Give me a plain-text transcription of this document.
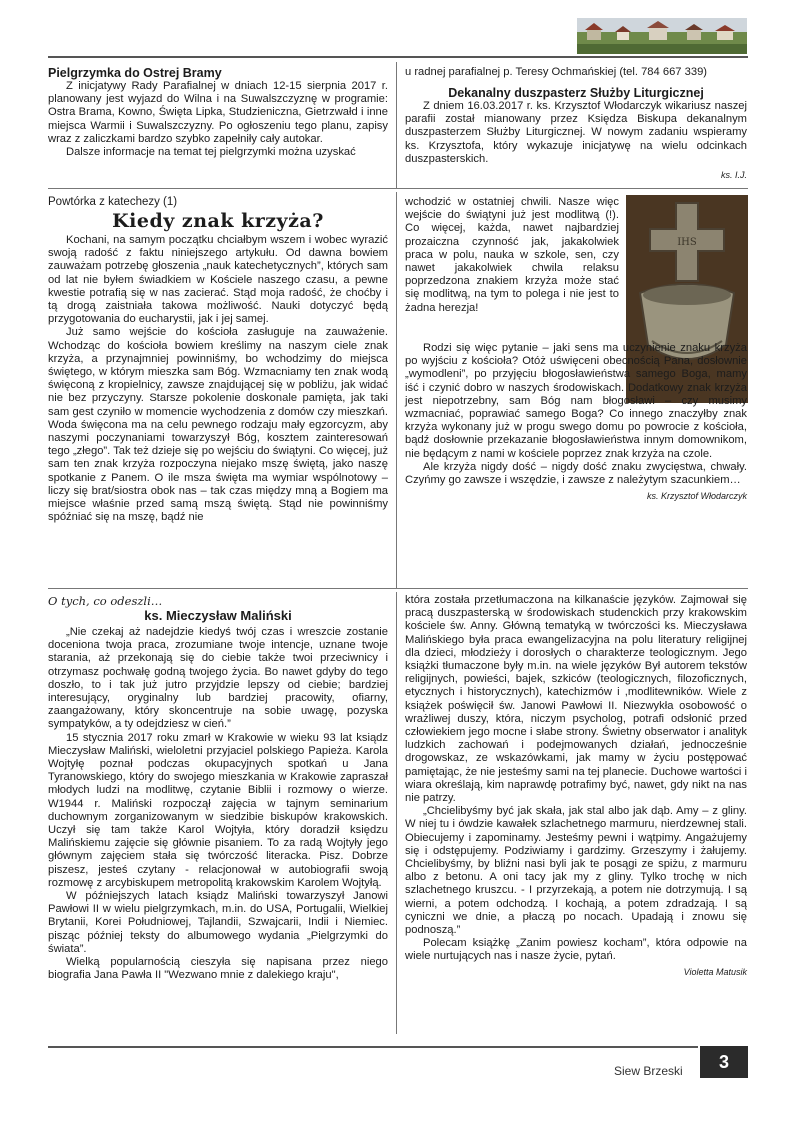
Pielgrzymka do Ostrej Bramy

Z inicjatywy Rady Parafialnej w dniach 12-15 sierpnia 2017 r. planowany jest wyjazd do Wilna i na Suwalszczyznę w programie: Ostra Brama, Kowno, Święta Lipka, Studzieniczna, Gietrzwałd i inne miejsca Warmii i Suwalszczyzny. Po ogłoszeniu tego planu, zapisy wraz z zaliczkami bardzo szybko zapełniły cały autokar.

Dalsze informacje na temat tej pielgrzymki można uzyskać

u radnej parafialnej p. Teresy Ochmańskiej (tel. 784 667 339)

Dekanalny duszpasterz Służby Liturgicznej

Z dniem 16.03.2017 r. ks. Krzysztof Włodarczyk wikariusz naszej parafii został mianowany przez Księdza Biskupa dekanalnym duszpasterzem Służby Liturgicznej. W nowym zadaniu wspieramy ks. Krzysztofa, który wykazuje inicjatywę na wielu odcinkach duszpasterskich.

ks. I.J.
Powtórka z katechezy (1)
Kiedy znak krzyża?

Kochani, na samym początku chciałbym wszem i wobec wyrazić swoją radość z faktu niniejszego artykułu. Od dawna bowiem zauważam potrzebę głoszenia „nauk katechetycznych”, których sam od lat nie byłem świadkiem w Kościele naszego czasu, a pewne kwestie potrafią się w nas zacierać. Stąd moja radość, że choćby i tą drogą zaistniała takowa możliwość. Nauki dotyczyć będą przygotowania do eucharystii, jak i jej samej.

Już samo wejście do kościoła zasługuje na zauważenie. Wchodząc do kościoła bowiem kreślimy na naszym ciele znak krzyża, a przynajmniej powinniśmy, bo wchodzimy do miejsca świętego, w którym mieszka sam Bóg. Wzmacniamy ten znak wodą święconą z kropielnicy, zawsze znajdującej się w pobliżu, jak widać nie bez przyczyny. Starsze pokolenie doskonale pamięta, jak taki sam gest czyniło w momencie wychodzenia z domów czy mieszkań. Woda święcona ma na celu pewnego rodzaju mały egzorcyzm, aby naszymi poczynaniami towarzyszył Bóg, kosztem zainteresowań tego „złego”. Tak też dzieje się po wejściu do świątyni. Co więcej, już sam ten znak krzyża rozpoczyna niejako mszę świętą, jako naszę spotkanie z Panem. O ile msza święta ma wymiar wspólnotowy – liczy się brat/siostra obok nas – tak czas między mną a Bogiem ma miejsce właśnie przed samą mszą świętą. Stąd nie powinniśmy spóźniać się na mszę, bądź nie

IHS

wchodzić w ostatniej chwili. Nasze więc wejście do świątyni już jest modlitwą (!). Co więcej, każda, nawet najbardziej prozaiczna czynność jak, jakakolwiek praca w polu, nauka w szkole, sen, czy nawet jakakolwiek chwila relaksu poprzedzona znakiem krzyża może stać się modlitwą, na tym to polega i nie jest to żadna herezja!

Rodzi się więc pytanie – jaki sens ma uczynienie znaku krzyża po wyjściu z kościoła? Otóż uświęceni obecnością Pana, dosłownie „wymodleni”, po przyjęciu błogosławieństwa samego Boga, mamy iść i czynić dobro w naszych środowiskach. Dodatkowy znak krzyża jest niepotrzebny, sam Bóg nam błogosławi – czy musimy wzmacniać, poprawiać samego Boga? Co innego znaczyłby znak krzyża wykonany już w progu swego domu po powrocie z kościoła, bądź dosłownie przekazanie błogosławieństwa innym domownikom, nie będącym z nami w kościele poprzez znak krzyża na czole.

Ale krzyża nigdy dość – nigdy dość znaku zwycięstwa, chwały. Czyńmy go zawsze i wszędzie, i zawsze z należytym szacunkiem…

ks. Krzysztof Włodarczyk
O tych, co odeszli…
ks. Mieczysław Maliński

„Nie czekaj aż nadejdzie kiedyś twój czas i wreszcie zostanie doceniona twoja praca, zrozumiane twoje intencje, uznane twoje starania, aż przekonają się do ciebie także twoi przeciwnicy i otrzymasz pochwałę godną twojego życia. Bo nawet gdyby do tego doszło, to i tak już jutro przyjdzie lepszy od ciebie; bardziej interesujący, oryginalny lub bardziej pracowity, ofiarny, zaangażowany, który skoncentruje na sobie uwagę, pozyska sympatyków, a ty odejdziesz w cień.”

15 stycznia 2017 roku zmarł w Krakowie w wieku 93 lat ksiądz Mieczysław Maliński, wieloletni przyjaciel polskiego Papieża. Karola Wojtyłę poznał podczas okupacyjnych spotkań u Jana Tyranowskiego, który do swojego mieszkania w Krakowie zapraszał młodych ludzi na modlitwę, czytanie Biblii i rozmowy o wierze. W1944 r. Maliński rozpoczął zajęcia w tajnym seminarium duchownym zorganizowanym w siedzibie biskupów krakowskich. Uczył się tam także Karol Wojtyła, który doradził księdzu Malińskiemu zajęcie się głównie pisaniem. To za radą Wojtyły jego głównym zajęciem stała się twórczość literacka. Pisz. Dobrze piszesz, jesteś czytany - relacjonował w autobiografii swoją rozmowę z arcybiskupem metropolitą krakowskim Karolem Wojtyłą.

W późniejszych latach ksiądz Maliński towarzyszył Janowi Pawłowi II w wielu pielgrzymkach, m.in. do USA, Portugalii, Wielkiej Brytanii, Korei Południowej, Tajlandii, Szwajcarii, Indii i Niemiec. pisząc później teksty do albumowego wydania „Pielgrzymki do świata”.

Wielką popularnością cieszyła się napisana przez niego biografia Jana Pawła II "Wezwano mnie z dalekiego kraju",

która została przetłumaczona na kilkanaście języków. Zajmował się pracą duszpasterską w środowiskach studenckich przy krakowskim kościele św. Anny. Główną tematyką w twórczości ks. Mieczysława Malińskiego była praca ewangelizacyjna na polu literatury religijnej dla dzieci, młodzieży i dorosłych o charakterze teologicznym. Jego książki tłumaczone były m.in. na wiele języków Był autorem tekstów religijnych, powieści, bajek, szkiców (teologicznych, filozoficznych, etycznych i historycznych), katechizmów i ,modlitewników. Wiele z książek poświęcił św. Janowi Pawłowi II. Niezwykła osobowość o wrażliwej duszy, która, niczym psycholog, potrafi odsłonić przed człowiekiem jego mocne i słabe strony. Świetny obserwator i analityk ludzkich zachowań i podejmowanych działań, jednocześnie drogowskaz, ze wskazówkami, jak mamy w życiu postępować pamiętając, że nie jesteśmy sami na tej planecie. Duchowe wartości i wiara określają, kim naprawdę potrafimy być, nawet, gdy nikt na nas nie patrzy.

„Chcielibyśmy być jak skała, jak stal albo jak dąb. Amy – z gliny. W niej tu i ówdzie kawałek szlachetnego marmuru, nierdzewnej stali. Obiecujemy i zapominamy. Jesteśmy pewni i wątpimy. Angażujemy się i odstępujemy. Podziwiamy i gardzimy. Grzeszymy i żałujemy. Chcielibyśmy, by bliźni nasi byli jak te posągi ze spiżu, z marmuru albo z betonu. A oni tacy jak my z gliny. Tylko trochę w nich szlachetnego kruszcu. - I przyrzekają, a potem nie dotrzymują. I są wierni, a potem odchodzą. I kochają, a potem zdradzają. I są cyniczni we dnie, a płaczą po nocach. Upadają i znowu się podnoszą.”

Polecam książkę „Zanim powiesz kocham”, która odpowie na wiele nurtujących nas i nasze życie, pytań.

Violetta Matusik
Siew Brzeski	3
